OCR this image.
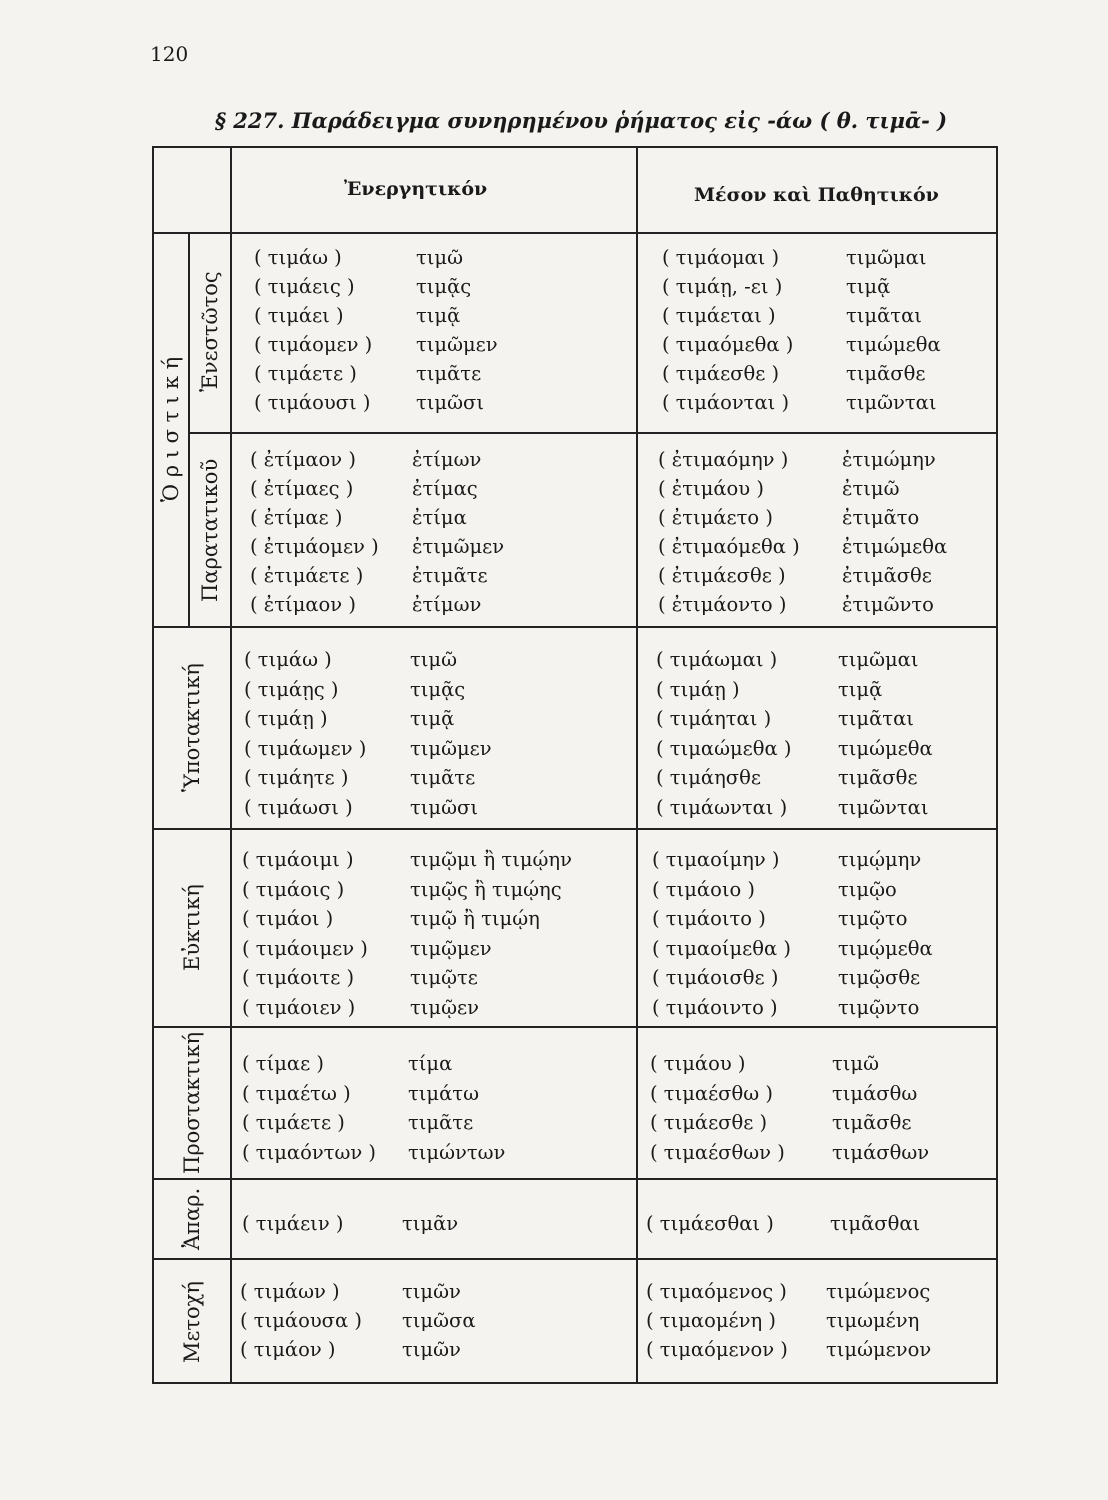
120
§ 227. Παράδειγμα συνηρημένου ῥήματος εἰς -άω ( θ. τιμᾱ- )
Ἐνεργητικόν	Μέσον καὶ Παθητικόν
Ὁ ρ ι σ τ ι κ ή
Ἐνεστῶτος
Παρατατικοῦ
Ὑποτακτική
Εὐκτική
Προστακτική
Ἀπαρ.
Μετοχή
( τιμάω )	τιμῶ	( τιμάομαι )	τιμῶμαι
( τιμάεις )	τιμᾷς	( τιμάῃ, -ει )	τιμᾷ
( τιμάει )	τιμᾷ	( τιμάεται )	τιμᾶται
( τιμάομεν ) τιμῶμεν	( τιμαόμεθα )	τιμώμεθα
( τιμάετε )	τιμᾶτε	( τιμάεσθε )	τιμᾶσθε
( τιμάουσι ) τιμῶσι	( τιμάονται )	τιμῶνται
( ἐτίμαον )	ἐτίμων	( ἐτιμαόμην )	ἐτιμώμην
( ἐτίμαες )	ἐτίμας	( ἐτιμάου )	ἐτιμῶ
( ἐτίμαε )	ἐτίμα	( ἐτιμάετο )	ἐτιμᾶτο
( ἐτιμάομεν ) ἐτιμῶμεν	( ἐτιμαόμεθα ) ἐτιμώμεθα
( ἐτιμάετε ) ἐτιμᾶτε	( ἐτιμάεσθε )	ἐτιμᾶσθε
( ἐτίμαον )	ἐτίμων	( ἐτιμάοντο )	ἐτιμῶντο
( τιμάω )	τιμῶ	( τιμάωμαι )	τιμῶμαι
( τιμάῃς )	τιμᾷς	( τιμάῃ )	τιμᾷ
( τιμάῃ )	τιμᾷ	( τιμάηται )	τιμᾶται
( τιμάωμεν ) τιμῶμεν	( τιμαώμεθα ) τιμώμεθα
( τιμάητε )	τιμᾶτε	( τιμάησθε	τιμᾶσθε
( τιμάωσι )	τιμῶσι	( τιμάωνται )	τιμῶνται
( τιμάοιμι )	τιμῷμι ἢ τιμῴην	( τιμαοίμην )	τιμῴμην
( τιμάοις )	τιμῷς ἢ τιμῴης	( τιμάοιο )	τιμῷο
( τιμάοι )	τιμῷ ἢ τιμῴη	( τιμάοιτο )	τιμῷτο
( τιμάοιμεν ) τιμῷμεν	( τιμαοίμεθα ) τιμῴμεθα
( τιμάοιτε )	τιμῷτε	( τιμάοισθε )	τιμῷσθε
( τιμάοιεν )	τιμῷεν	( τιμάοιντο )	τιμῷντο
( τίμαε )	τίμα	( τιμάου )	τιμῶ
( τιμαέτω )	τιμάτω	( τιμαέσθω )	τιμάσθω
( τιμάετε )	τιμᾶτε	( τιμάεσθε )	τιμᾶσθε
( τιμαόντων ) τιμώντων	( τιμαέσθων ) τιμάσθων
( τιμάειν )	τιμᾶν	( τιμάεσθαι )	τιμᾶσθαι
( τιμάων )	τιμῶν	( τιμαόμενος ) τιμώμενος
( τιμάουσα ) τιμῶσα	( τιμαομένη )	τιμωμένη
( τιμάον )	τιμῶν	( τιμαόμενον ) τιμώμενον
